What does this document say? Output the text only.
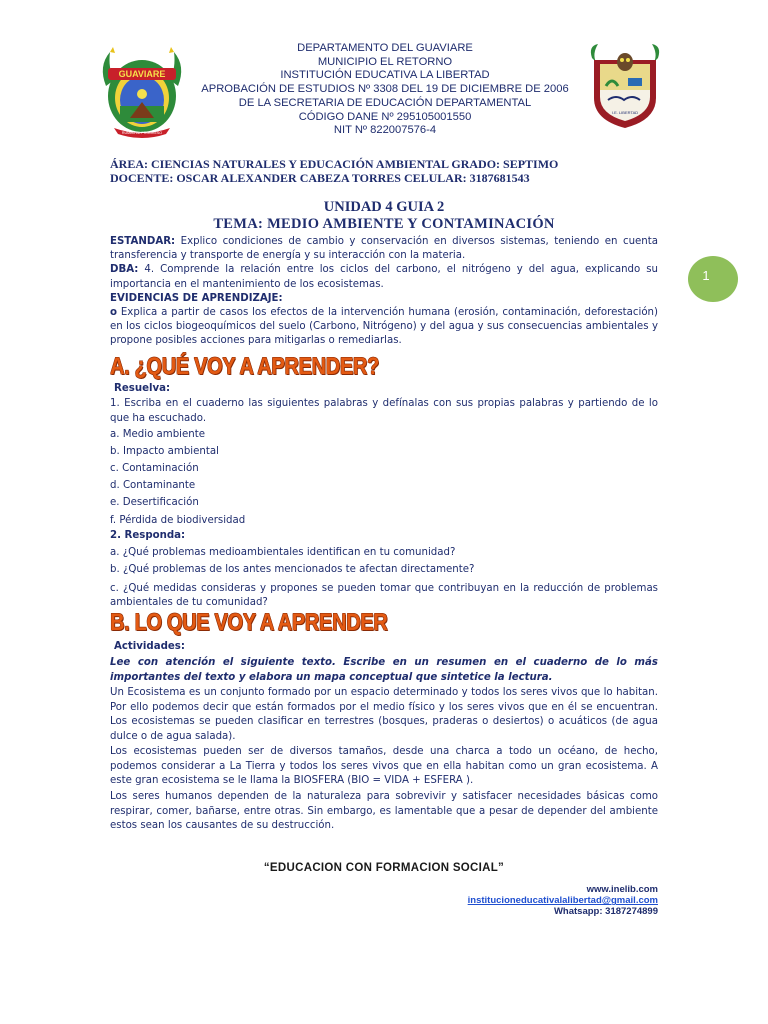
GUAVIARE
RUMBO AL PROGRESO
DEPARTAMENTO DEL GUAVIARE
MUNICIPIO EL RETORNO
INSTITUCIÓN EDUCATIVA LA LIBERTAD
APROBACIÓN DE ESTUDIOS Nº 3308 DEL 19 DE DICIEMBRE DE 2006
DE LA SECRETARIA DE EDUCACIÓN DEPARTAMENTAL
CÓDIGO DANE Nº 295105001550
NIT Nº 822007576-4
I.E. LIBERTAD
ÁREA: CIENCIAS NATURALES Y EDUCACIÓN AMBIENTAL GRADO: SEPTIMO
DOCENTE: OSCAR ALEXANDER CABEZA TORRES CELULAR: 3187681543
UNIDAD 4 GUIA 2
TEMA: MEDIO AMBIENTE Y CONTAMINACIÓN
ESTANDAR: Explico condiciones de cambio y conservación en diversos sistemas, teniendo en cuenta transferencia y transporte de energía y su interacción con la materia.
DBA: 4. Comprende la relación entre los ciclos del carbono, el nitrógeno y del agua, explicando su importancia en el mantenimiento de los ecosistemas.
EVIDENCIAS DE APRENDIZAJE:
o Explica a partir de casos los efectos de la intervención humana (erosión, contaminación, deforestación) en los ciclos biogeoquímicos del suelo (Carbono, Nitrógeno) y del agua y sus consecuencias ambientales y propone posibles acciones para mitigarlas o remediarlas.
1
A. ¿QUÉ VOY A APRENDER?
Resuelva:
1. Escriba en el cuaderno las siguientes palabras y defínalas con sus propias palabras y partiendo de lo que ha escuchado.
a. Medio ambiente
b. Impacto ambiental
c. Contaminación
d. Contaminante
e. Desertificación
f. Pérdida de biodiversidad
2. Responda:
a. ¿Qué problemas medioambientales identifican en tu comunidad?
b. ¿Qué problemas de los antes mencionados te afectan directamente?
c. ¿Qué medidas consideras y propones se pueden tomar que contribuyan en la reducción de problemas ambientales de tu comunidad?
B. LO QUE VOY A APRENDER
Actividades:
Lee con atención el siguiente texto. Escribe en un resumen en el cuaderno de lo más importantes del texto y elabora un mapa conceptual que sintetice la lectura.
Un Ecosistema es un conjunto formado por un espacio determinado y todos los seres vivos que lo habitan. Por ello podemos decir que están formados por el medio físico y los seres vivos que en él se encuentran. Los ecosistemas se pueden clasificar en terrestres (bosques, praderas o desiertos) o acuáticos (de agua dulce o de agua salada).
Los ecosistemas pueden ser de diversos tamaños, desde una charca a todo un océano, de hecho, podemos considerar a La Tierra y todos los seres vivos que en ella habitan como un gran ecosistema. A este gran ecosistema se le llama la BIOSFERA (BIO = VIDA + ESFERA ).
Los seres humanos dependen de la naturaleza para sobrevivir y satisfacer necesidades básicas como respirar, comer, bañarse, entre otras. Sin embargo, es lamentable que a pesar de depender del ambiente estos sean los causantes de su destrucción.
“EDUCACION CON FORMACION SOCIAL”
www.inelib.com
institucioneducativalalibertad@gmail.com
Whatsapp: 3187274899
